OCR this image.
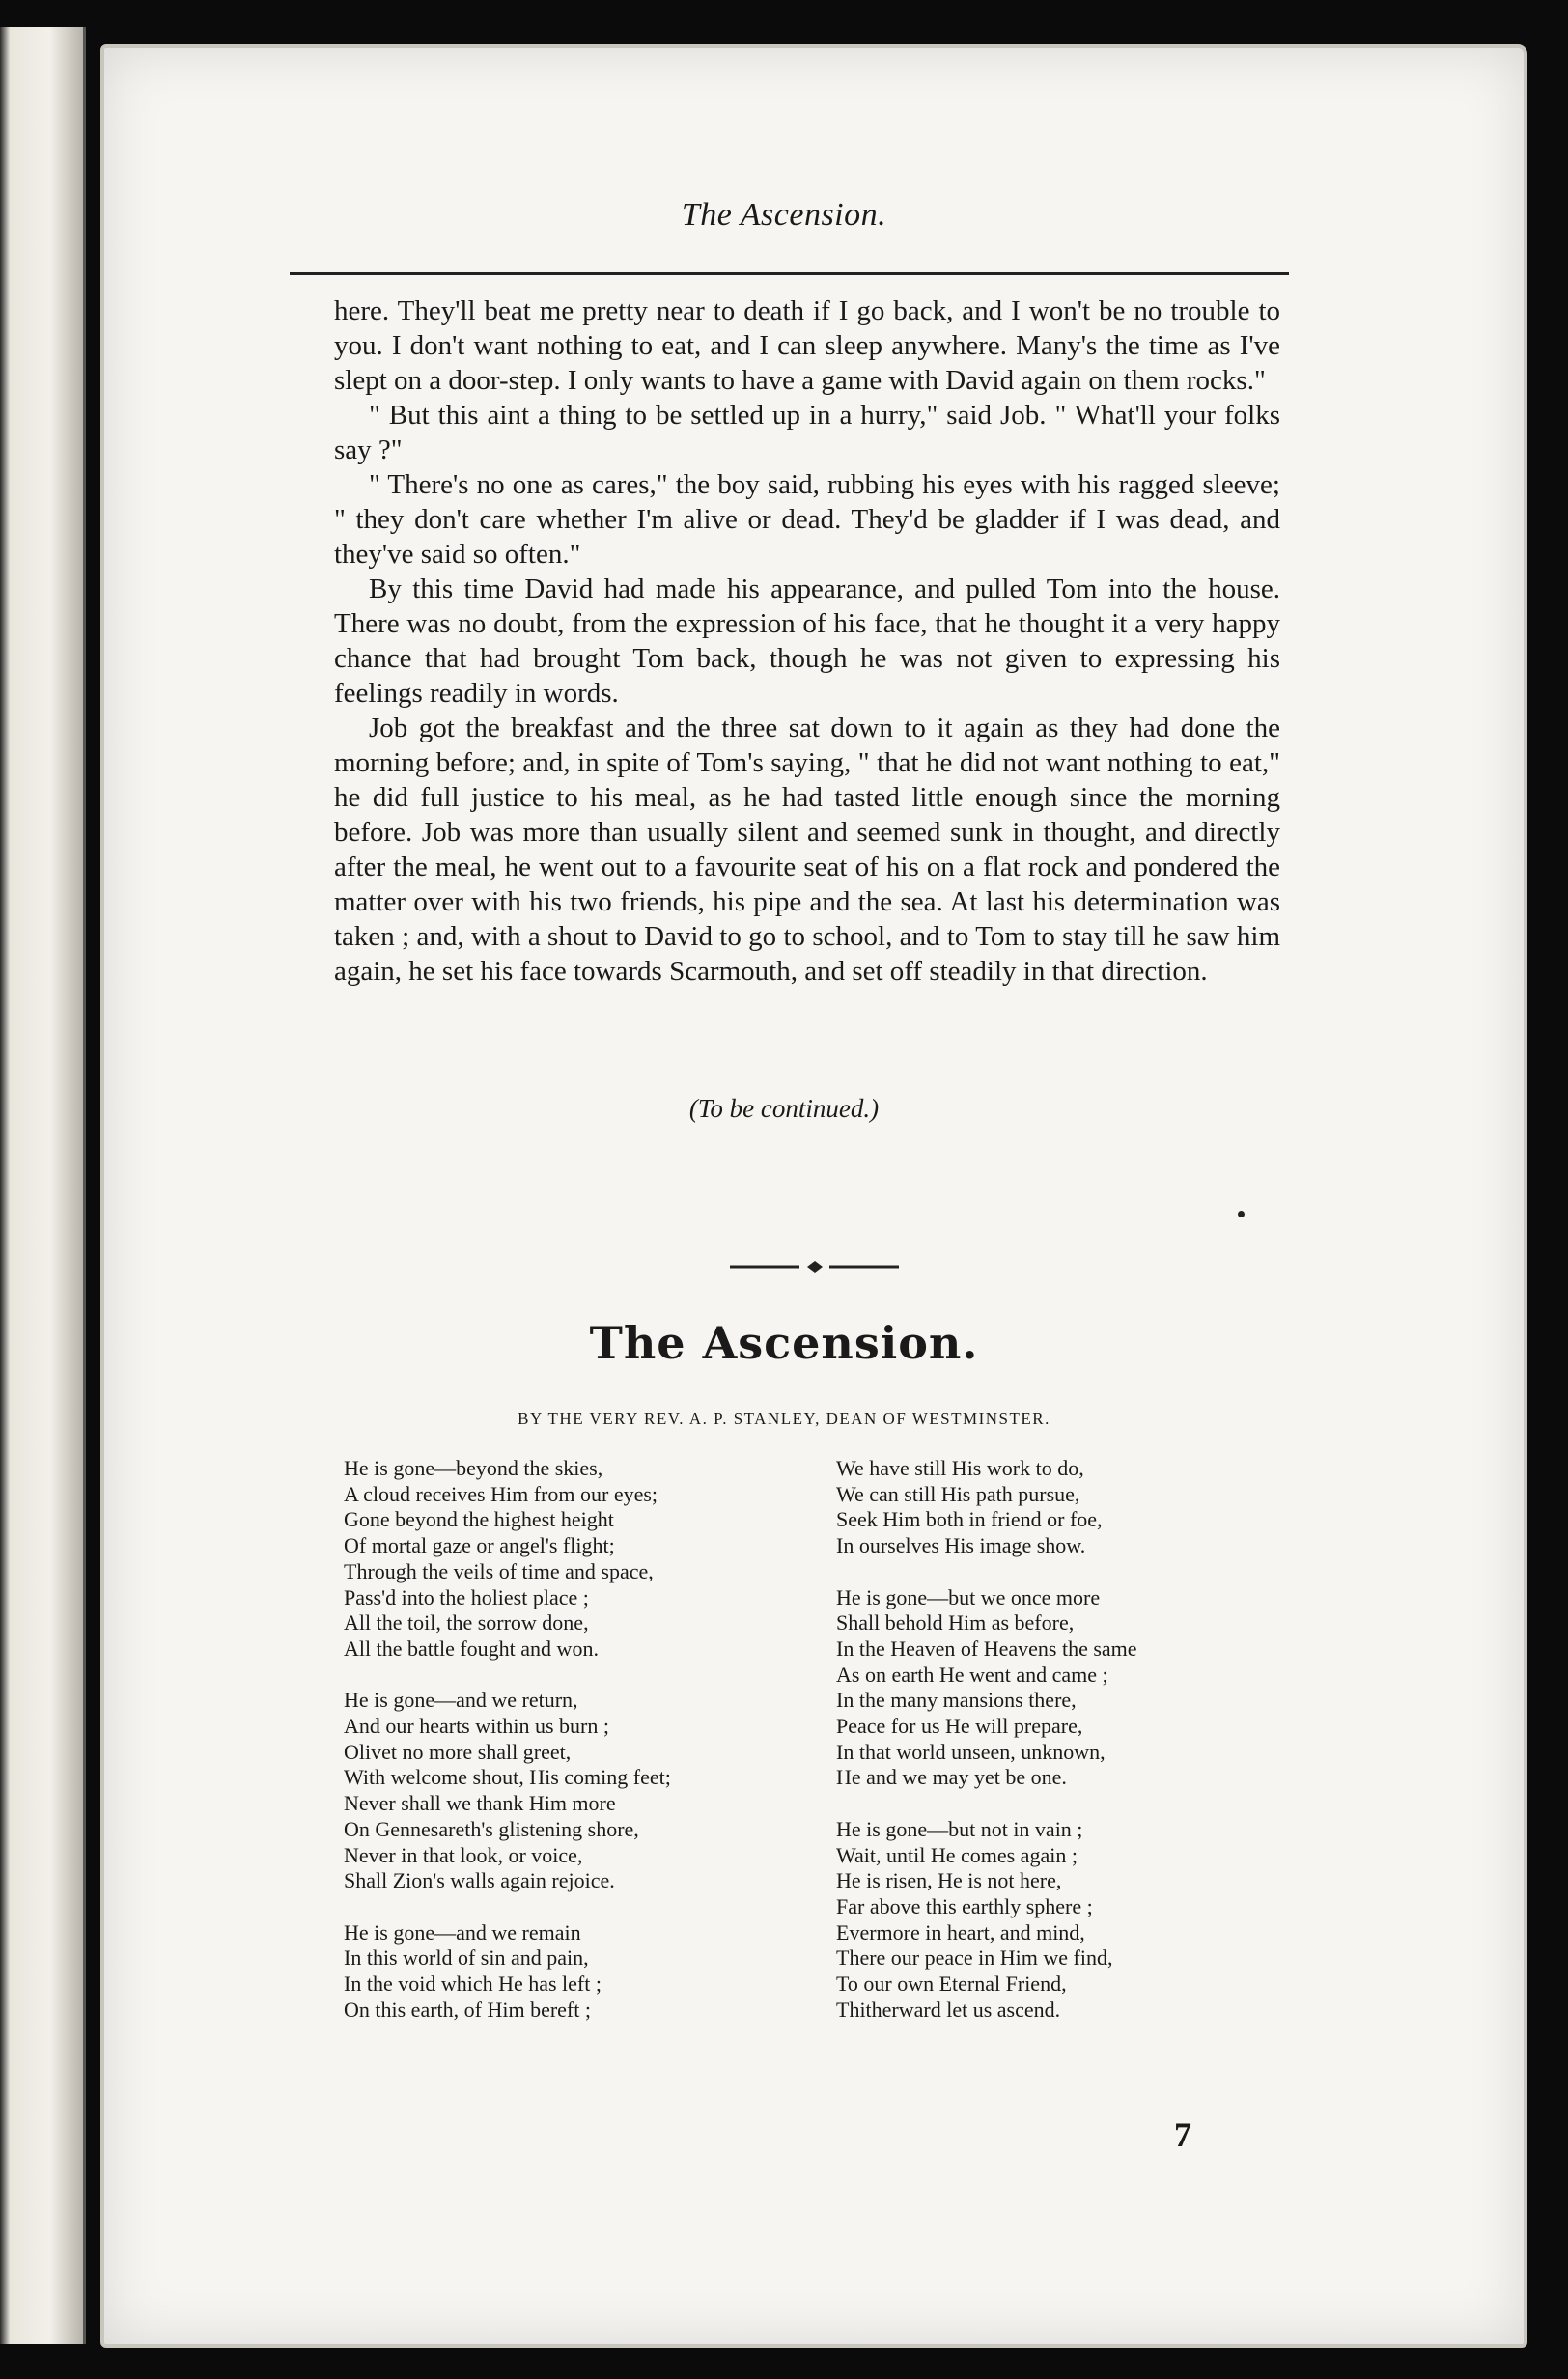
The Ascension.

here. They'll beat me pretty near to death if I go back, and I won't be no trouble to you. I don't want nothing to eat, and I can sleep anywhere. Many's the time as I've slept on a door-step. I only wants to have a game with David again on them rocks."

" But this aint a thing to be settled up in a hurry," said Job. " What'll your folks say ?"

" There's no one as cares," the boy said, rubbing his eyes with his ragged sleeve; " they don't care whether I'm alive or dead. They'd be gladder if I was dead, and they've said so often."

By this time David had made his appearance, and pulled Tom into the house. There was no doubt, from the expression of his face, that he thought it a very happy chance that had brought Tom back, though he was not given to expressing his feelings readily in words.

Job got the breakfast and the three sat down to it again as they had done the morning before; and, in spite of Tom's saying, " that he did not want nothing to eat," he did full justice to his meal, as he had tasted little enough since the morning before. Job was more than usually silent and seemed sunk in thought, and directly after the meal, he went out to a favourite seat of his on a flat rock and pondered the matter over with his two friends, his pipe and the sea. At last his determination was taken ; and, with a shout to David to go to school, and to Tom to stay till he saw him again, he set his face towards Scarmouth, and set off steadily in that direction.

(To be continued.)
The Ascension.
BY THE VERY REV. A. P. STANLEY, DEAN OF WESTMINSTER.
He is gone—beyond the skies,
A cloud receives Him from our eyes;
Gone beyond the highest height
Of mortal gaze or angel's flight;
Through the veils of time and space,
Pass'd into the holiest place ;
All the toil, the sorrow done,
All the battle fought and won.
He is gone—and we return,
And our hearts within us burn ;
Olivet no more shall greet,
With welcome shout, His coming feet;
Never shall we thank Him more
On Gennesareth's glistening shore,
Never in that look, or voice,
Shall Zion's walls again rejoice.
He is gone—and we remain
In this world of sin and pain,
In the void which He has left ;
On this earth, of Him bereft ;
We have still His work to do,
We can still His path pursue,
Seek Him both in friend or foe,
In ourselves His image show.
He is gone—but we once more
Shall behold Him as before,
In the Heaven of Heavens the same
As on earth He went and came ;
In the many mansions there,
Peace for us He will prepare,
In that world unseen, unknown,
He and we may yet be one.
He is gone—but not in vain ;
Wait, until He comes again ;
He is risen, He is not here,
Far above this earthly sphere ;
Evermore in heart, and mind,
There our peace in Him we find,
To our own Eternal Friend,
Thitherward let us ascend.
7
